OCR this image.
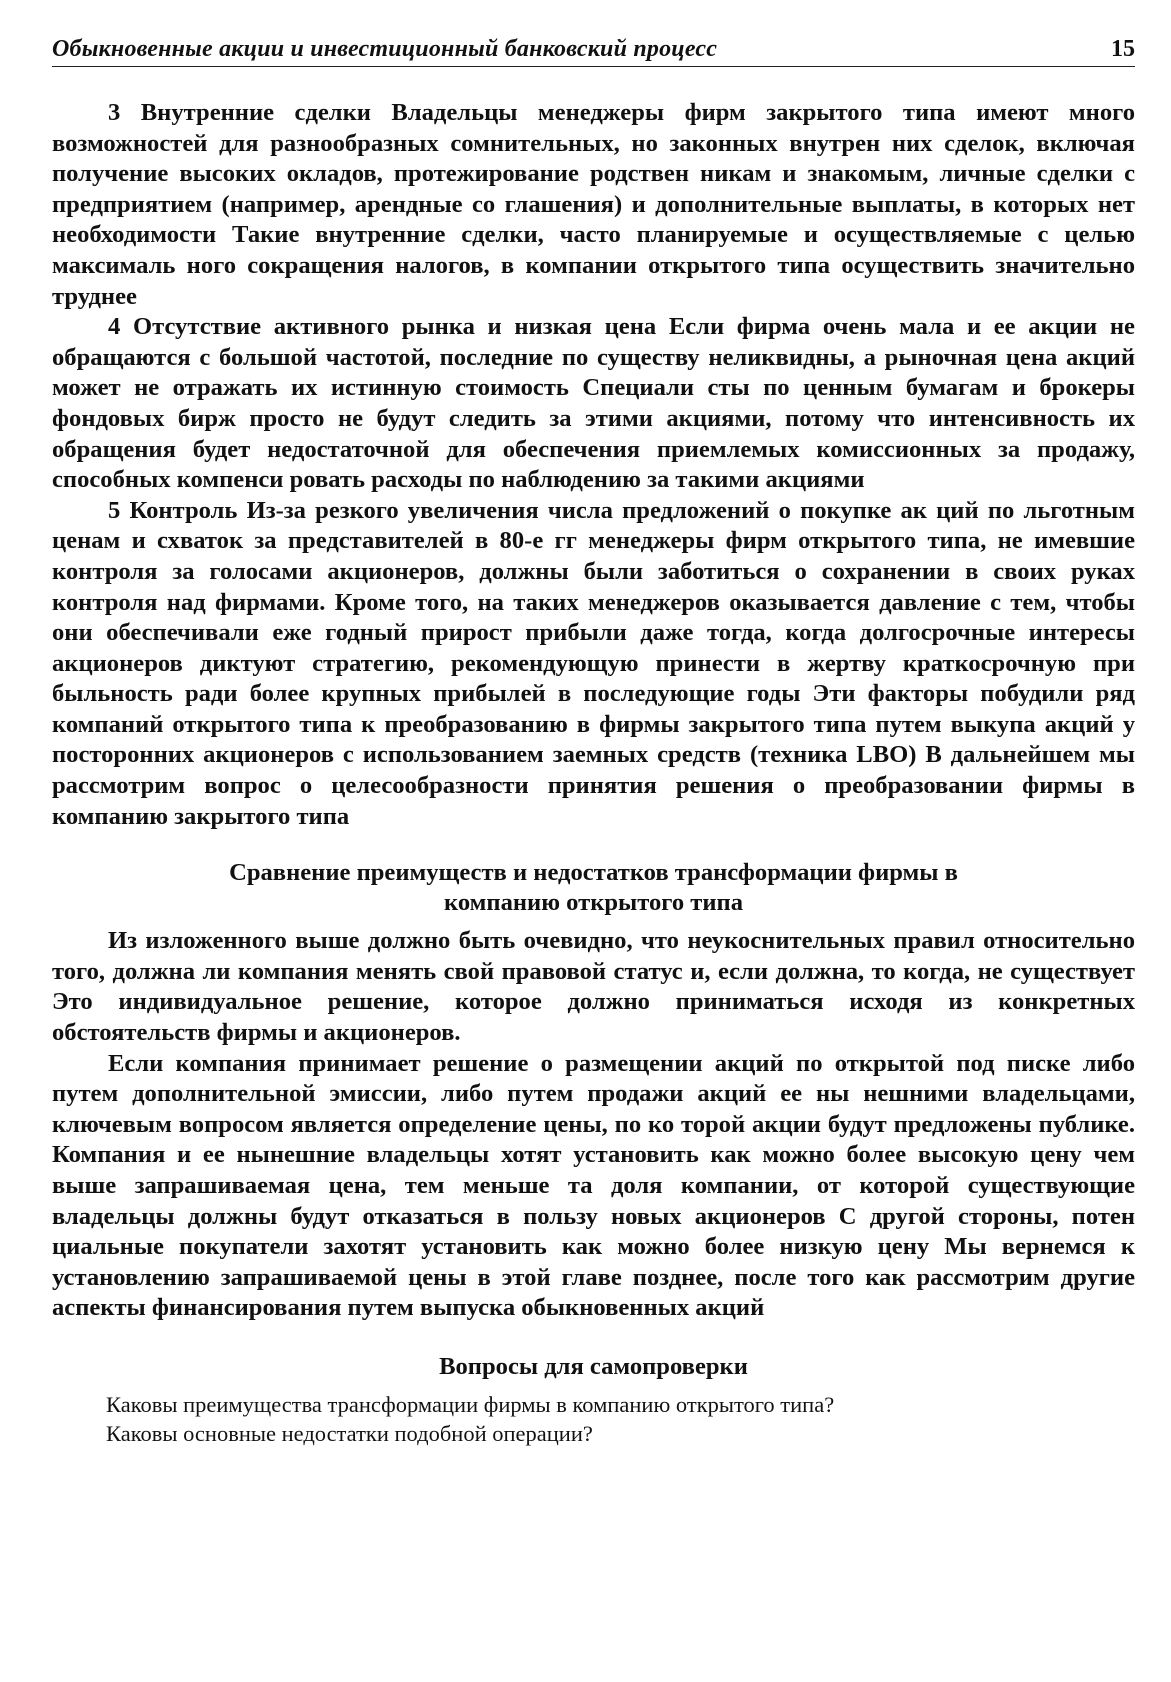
Обыкновенные акции и инвестиционный банковский процесс	15

3 Внутренние сделки Владельцы менеджеры фирм закрытого типа имеют много возможностей для разнообразных сомнительных, но законных внутрен них сделок, включая получение высоких окладов, протежирование родствен никам и знакомым, личные сделки с предприятием (например, арендные со глашения) и дополнительные выплаты, в которых нет необходимости Такие внутренние сделки, часто планируемые и осуществляемые с целью максималь ного сокращения налогов, в компании открытого типа осуществить значительно труднее

4 Отсутствие активного рынка и низкая цена Если фирма очень мала и ее акции не обращаются с большой частотой, последние по существу неликвидны, а рыночная цена акций может не отражать их истинную стоимость Специали сты по ценным бумагам и брокеры фондовых бирж просто не будут следить за этими акциями, потому что интенсивность их обращения будет недостаточной для обеспечения приемлемых комиссионных за продажу, способных компенси ровать расходы по наблюдению за такими акциями

5 Контроль Из-за резкого увеличения числа предложений о покупке ак ций по льготным ценам и схваток за представителей в 80-е гг менеджеры фирм открытого типа, не имевшие контроля за голосами акционеров, должны были заботиться о сохранении в своих руках контроля над фирмами. Кроме того, на таких менеджеров оказывается давление с тем, чтобы они обеспечивали еже годный прирост прибыли даже тогда, когда долгосрочные интересы акционеров диктуют стратегию, рекомендующую принести в жертву краткосрочную при быльность ради более крупных прибылей в последующие годы Эти факторы побудили ряд компаний открытого типа к преобразованию в фирмы закрытого типа путем выкупа акций у посторонних акционеров с использованием заемных средств (техника LBO) В дальнейшем мы рассмотрим вопрос о целесообразности принятия решения о преобразовании фирмы в компанию закрытого типа

Сравнение преимуществ и недостатков трансформации фирмы в
компанию открытого типа

Из изложенного выше должно быть очевидно, что неукоснительных правил относительно того, должна ли компания менять свой правовой статус и, если должна, то когда, не существует Это индивидуальное решение, которое должно приниматься исходя из конкретных обстоятельств фирмы и акционеров.

Если компания принимает решение о размещении акций по открытой под писке либо путем дополнительной эмиссии, либо путем продажи акций ее ны нешними владельцами, ключевым вопросом является определение цены, по ко торой акции будут предложены публике. Компания и ее нынешние владельцы хотят установить как можно более высокую цену чем выше запрашиваемая цена, тем меньше та доля компании, от которой существующие владельцы должны будут отказаться в пользу новых акционеров С другой стороны, потен циальные покупатели захотят установить как можно более низкую цену Мы вернемся к установлению запрашиваемой цены в этой главе позднее, после того как рассмотрим другие аспекты финансирования путем выпуска обыкновенных акций

Вопросы для самопроверки

Каковы преимущества трансформации фирмы в компанию открытого типа?

Каковы основные недостатки подобной операции?
